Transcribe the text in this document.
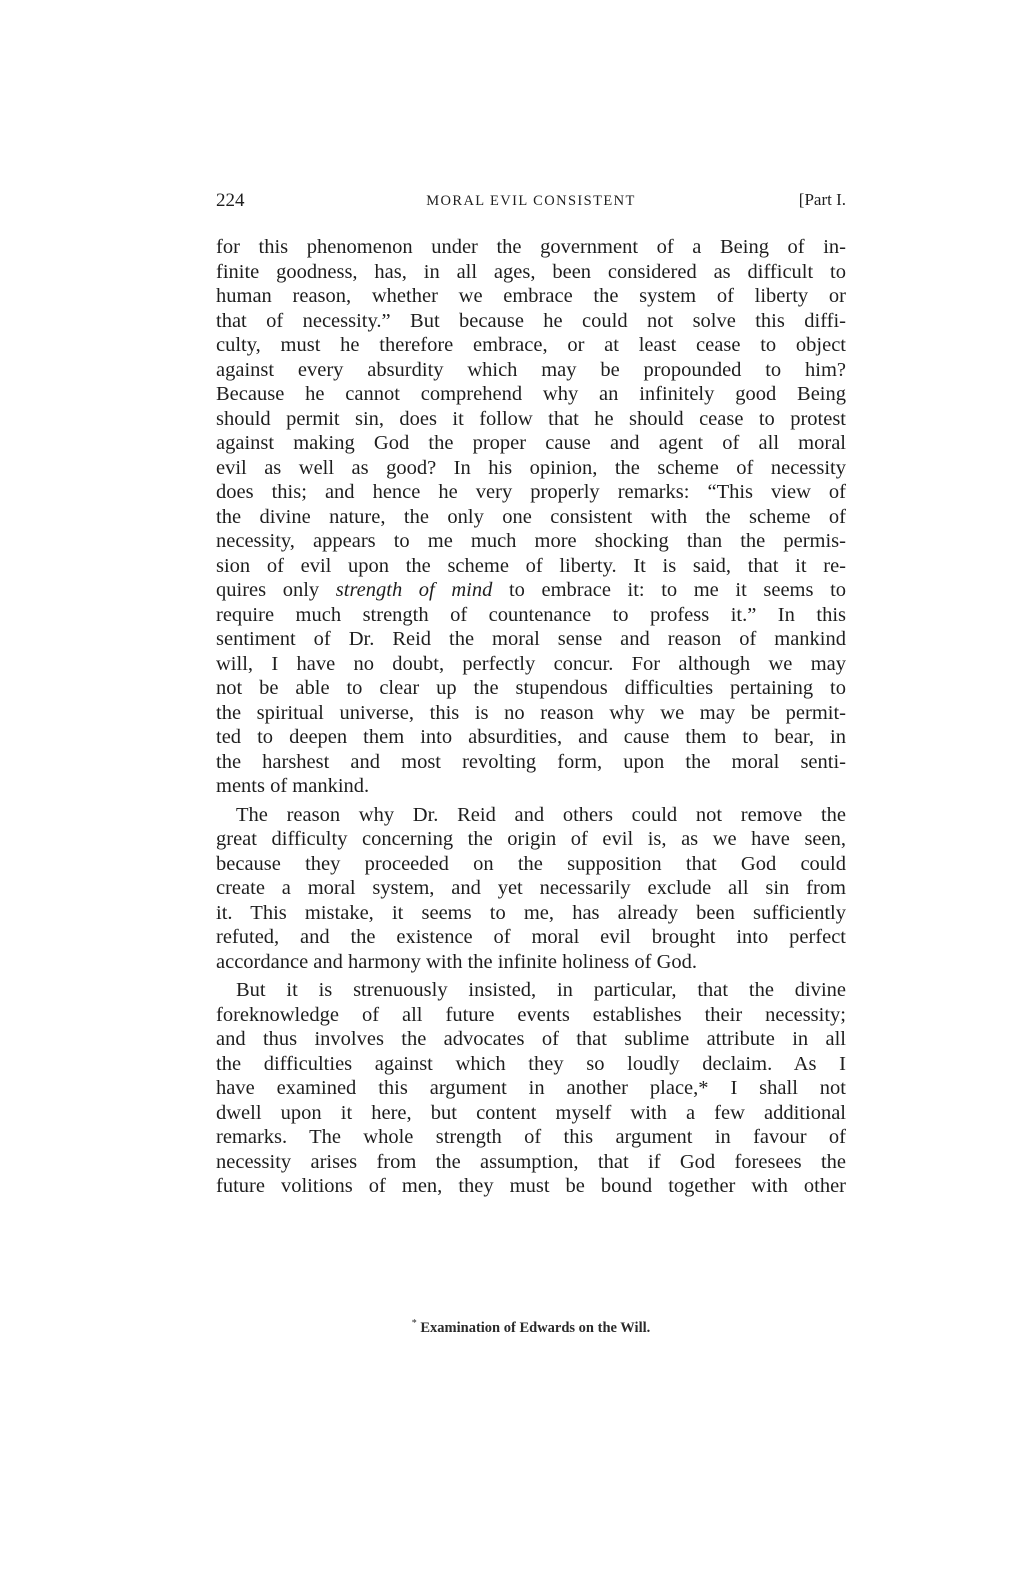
224	MORAL EVIL CONSISTENT	[Part I.
for this phenomenon under the government of a Being of in-
finite goodness, has, in all ages, been considered as difficult to
human reason, whether we embrace the system of liberty or
that of necessity.” But because he could not solve this diffi-
culty, must he therefore embrace, or at least cease to object
against every absurdity which may be propounded to him?
Because he cannot comprehend why an infinitely good Being
should permit sin, does it follow that he should cease to protest
against making God the proper cause and agent of all moral
evil as well as good? In his opinion, the scheme of necessity
does this; and hence he very properly remarks: “This view of
the divine nature, the only one consistent with the scheme of
necessity, appears to me much more shocking than the permis-
sion of evil upon the scheme of liberty. It is said, that it re-
quires only strength of mind to embrace it: to me it seems to
require much strength of countenance to profess it.” In this
sentiment of Dr. Reid the moral sense and reason of mankind
will, I have no doubt, perfectly concur. For although we may
not be able to clear up the stupendous difficulties pertaining to
the spiritual universe, this is no reason why we may be permit-
ted to deepen them into absurdities, and cause them to bear, in
the harshest and most revolting form, upon the moral senti-
ments of mankind.
The reason why Dr. Reid and others could not remove the
great difficulty concerning the origin of evil is, as we have seen,
because they proceeded on the supposition that God could
create a moral system, and yet necessarily exclude all sin from
it. This mistake, it seems to me, has already been sufficiently
refuted, and the existence of moral evil brought into perfect
accordance and harmony with the infinite holiness of God.
But it is strenuously insisted, in particular, that the divine
foreknowledge of all future events establishes their necessity;
and thus involves the advocates of that sublime attribute in all
the difficulties against which they so loudly declaim. As I
have examined this argument in another place,* I shall not
dwell upon it here, but content myself with a few additional
remarks. The whole strength of this argument in favour of
necessity arises from the assumption, that if God foresees the
future volitions of men, they must be bound together with other
* Examination of Edwards on the Will.
